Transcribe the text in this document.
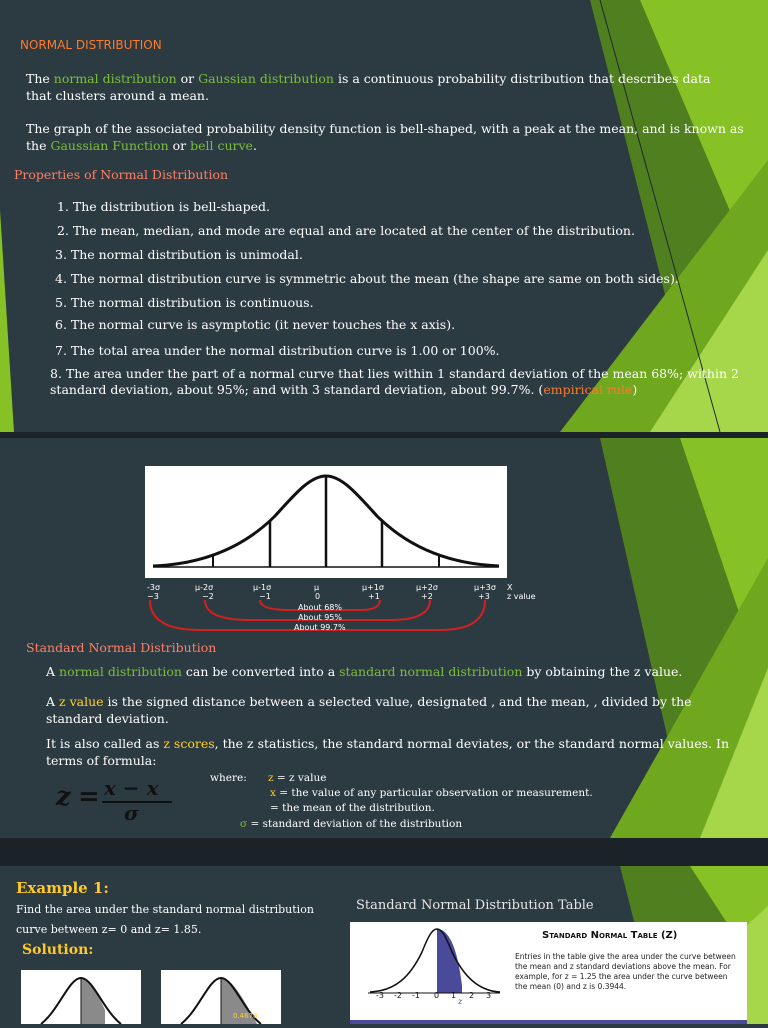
NORMAL DISTRIBUTION
The normal distribution or Gaussian distribution is a continuous probability distribution that describes data that clusters around a mean.
The graph of the associated probability density function is bell-shaped, with a peak at the mean, and is known as the Gaussian Function or bell curve.
Properties of Normal Distribution
1. The distribution is bell-shaped.
2. The mean, median, and mode are equal and are located at the center of the distribution.
3. The normal distribution is unimodal.
4. The normal distribution curve is symmetric about the mean (the shape are same on both sides).
5. The normal distribution is continuous.
6. The normal curve is asymptotic (it never touches the x axis).
7. The total area under the normal distribution curve is 1.00 or 100%.
8. The area under the part of a normal curve that lies within 1 standard deviation of the mean 68%; within 2 standard deviation, about 95%; and with 3 standard deviation, about 99.7%. (empirical rule)
-3σ	μ-2σ	μ-1σ	μ	μ+1σ	μ+2σ	μ+3σ X
−3	−2	−1	0	+1	+2	+3 z value
About 68%
About 95%
About 99.7%
Standard Normal Distribution
A normal distribution can be converted into a standard normal distribution by obtaining the z value.
A z value is the signed distance between a selected value, designated , and the mean, , divided by the standard deviation.
It is also called as z scores, the z statistics, the standard normal deviates, or the standard normal values. In terms of formula:
z = x − x
σ
where: z = z value
x = the value of any particular observation or measurement.
= the mean of the distribution.
σ = standard deviation of the distribution
Example 1:
Find the area under the standard normal distribution curve between z= 0 and z= 1.85.
Solution:
Standard Normal Distribution Table
-3 -2 -1 0 1 2 3
z
Standard Normal Table (Z)
Entries in the table give the area under the curve between the mean and z standard deviations above the mean. For example, for z = 1.25 the area under the curve between the mean (0) and z is 0.3944.
0.4678
